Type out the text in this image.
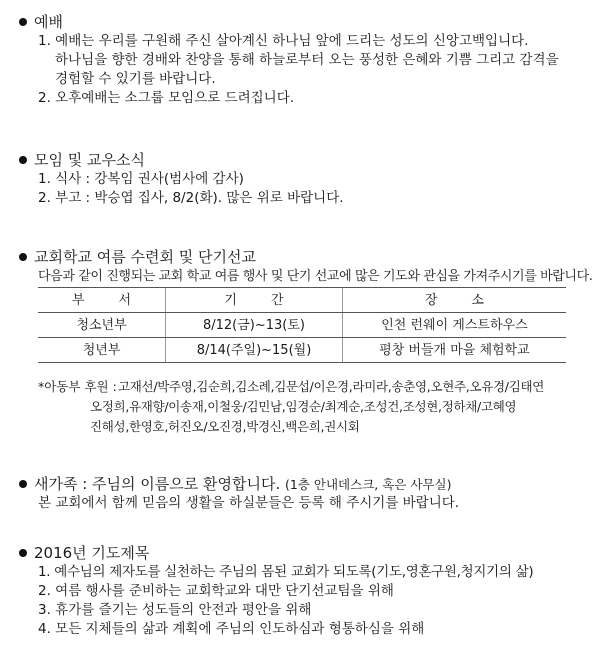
예배
1. 예배는 우리를 구원해 주신 살아계신 하나님 앞에 드리는 성도의 신앙고백입니다.
하나님을 향한 경배와 찬양을 통해 하늘로부터 오는 풍성한 은혜와 기쁨 그리고 감격을
경험할 수 있기를 바랍니다.
2. 오후예배는 소그룹 모임으로 드려집니다.
모임 및 교우소식
1. 식사 : 강복임 권사(범사에 감사)
2. 부고 : 박승엽 집사, 8/2(화). 많은 위로 바랍니다.
교회학교 여름 수련회 및 단기선교
다음과 같이 진행되는 교회 학교 여름 행사 및 단기 선교에 많은 기도와 관심을 가져주시기를 바랍니다.
부서	기간	장소
청소년부	8/12(금)~13(토)	인천 런웨이 게스트하우스
청년부	8/14(주일)~15(월)	평창 버들개 마을 체험학교
*아동부 후원 : 고재선/박주영,김순희,김소례,김문섭/이은경,라미라,송춘영,오현주,오유경/김태연
오정희,유재향/이송재,이철웅/김민남,임경순/최계순,조성건,조성현,정하채/고혜영
진해성,한영호,허진오/오진경,박경신,백은희,권시회
새가족 : 주님의 이름으로 환영합니다. (1층 안내데스크, 혹은 사무실)
본 교회에서 함께 믿음의 생활을 하실분들은 등록 해 주시기를 바랍니다.
2016년 기도제목
1. 예수님의 제자도를 실천하는 주님의 몸된 교회가 되도록(기도,영혼구원,청지기의 삶)
2. 여름 행사를 준비하는 교회학교와 대만 단기선교팀을 위해
3. 휴가를 즐기는 성도들의 안전과 평안을 위해
4. 모든 지체들의 삶과 계획에 주님의 인도하심과 형통하심을 위해
